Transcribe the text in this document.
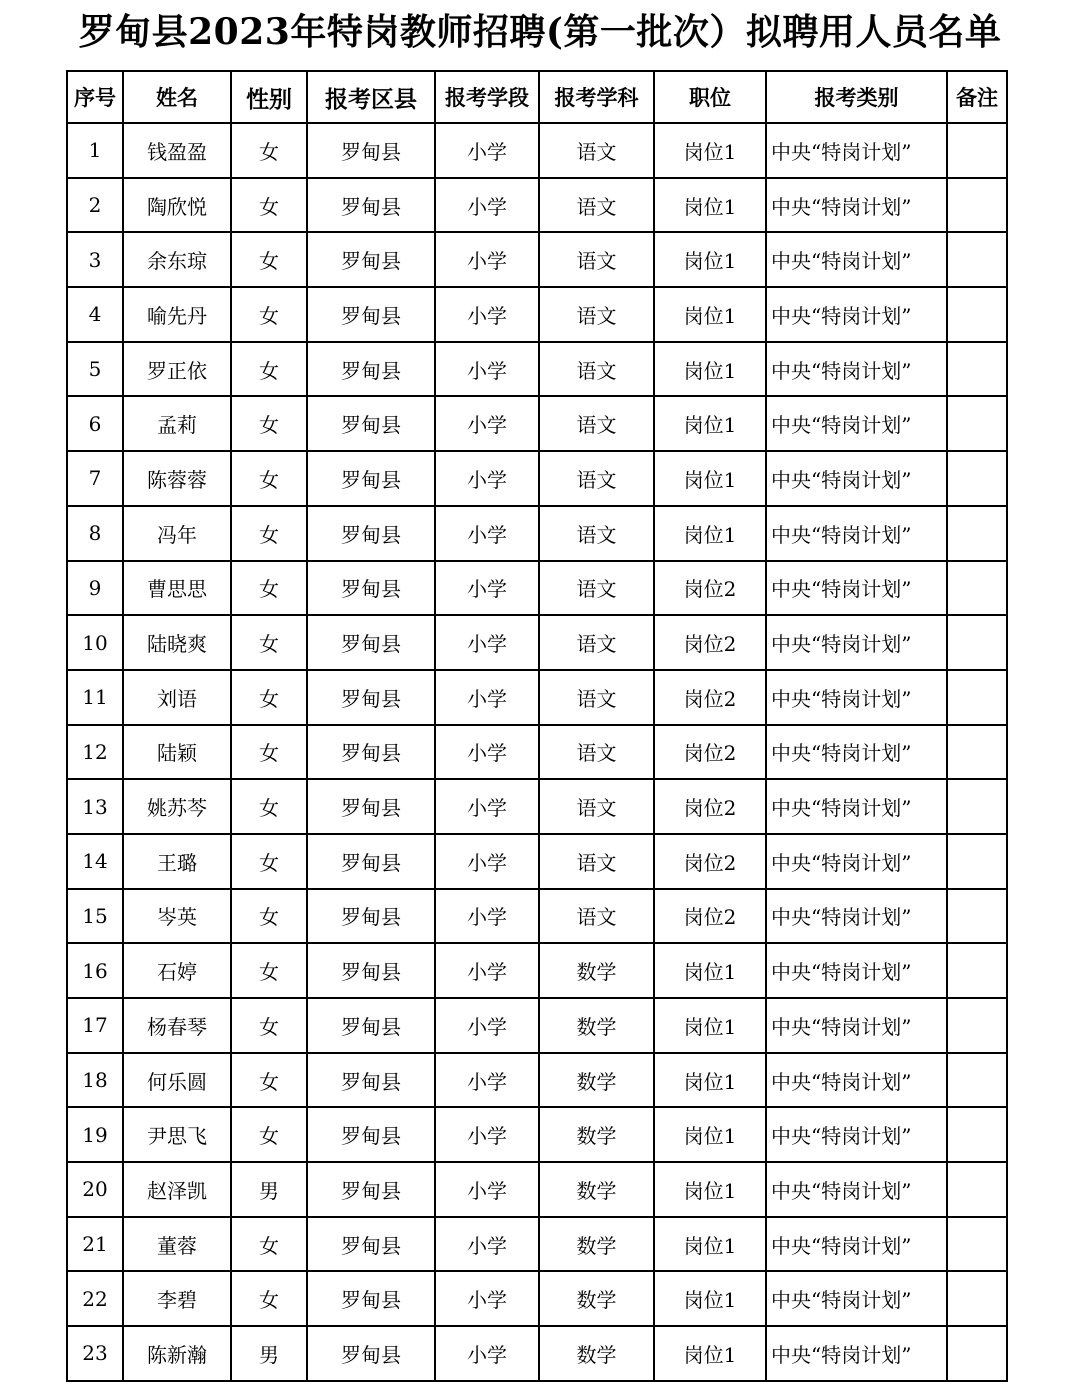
罗甸县2023年特岗教师招聘(第一批次）拟聘用人员名单
序号	姓名	性别	报考区县	报考学段	报考学科	职位	报考类别	备注
1	钱盈盈	女	罗甸县	小学	语文	岗位1	中央“特岗计划”	
2	陶欣悦	女	罗甸县	小学	语文	岗位1	中央“特岗计划”	
3	余东琼	女	罗甸县	小学	语文	岗位1	中央“特岗计划”	
4	喻先丹	女	罗甸县	小学	语文	岗位1	中央“特岗计划”	
5	罗正依	女	罗甸县	小学	语文	岗位1	中央“特岗计划”	
6	孟莉	女	罗甸县	小学	语文	岗位1	中央“特岗计划”	
7	陈蓉蓉	女	罗甸县	小学	语文	岗位1	中央“特岗计划”	
8	冯年	女	罗甸县	小学	语文	岗位1	中央“特岗计划”	
9	曹思思	女	罗甸县	小学	语文	岗位2	中央“特岗计划”	
10	陆晓爽	女	罗甸县	小学	语文	岗位2	中央“特岗计划”	
11	刘语	女	罗甸县	小学	语文	岗位2	中央“特岗计划”	
12	陆颖	女	罗甸县	小学	语文	岗位2	中央“特岗计划”	
13	姚苏芩	女	罗甸县	小学	语文	岗位2	中央“特岗计划”	
14	王璐	女	罗甸县	小学	语文	岗位2	中央“特岗计划”	
15	岑英	女	罗甸县	小学	语文	岗位2	中央“特岗计划”	
16	石婷	女	罗甸县	小学	数学	岗位1	中央“特岗计划”	
17	杨春琴	女	罗甸县	小学	数学	岗位1	中央“特岗计划”	
18	何乐圆	女	罗甸县	小学	数学	岗位1	中央“特岗计划”	
19	尹思飞	女	罗甸县	小学	数学	岗位1	中央“特岗计划”	
20	赵泽凯	男	罗甸县	小学	数学	岗位1	中央“特岗计划”	
21	董蓉	女	罗甸县	小学	数学	岗位1	中央“特岗计划”	
22	李碧	女	罗甸县	小学	数学	岗位1	中央“特岗计划”	
23	陈新瀚	男	罗甸县	小学	数学	岗位1	中央“特岗计划”	
